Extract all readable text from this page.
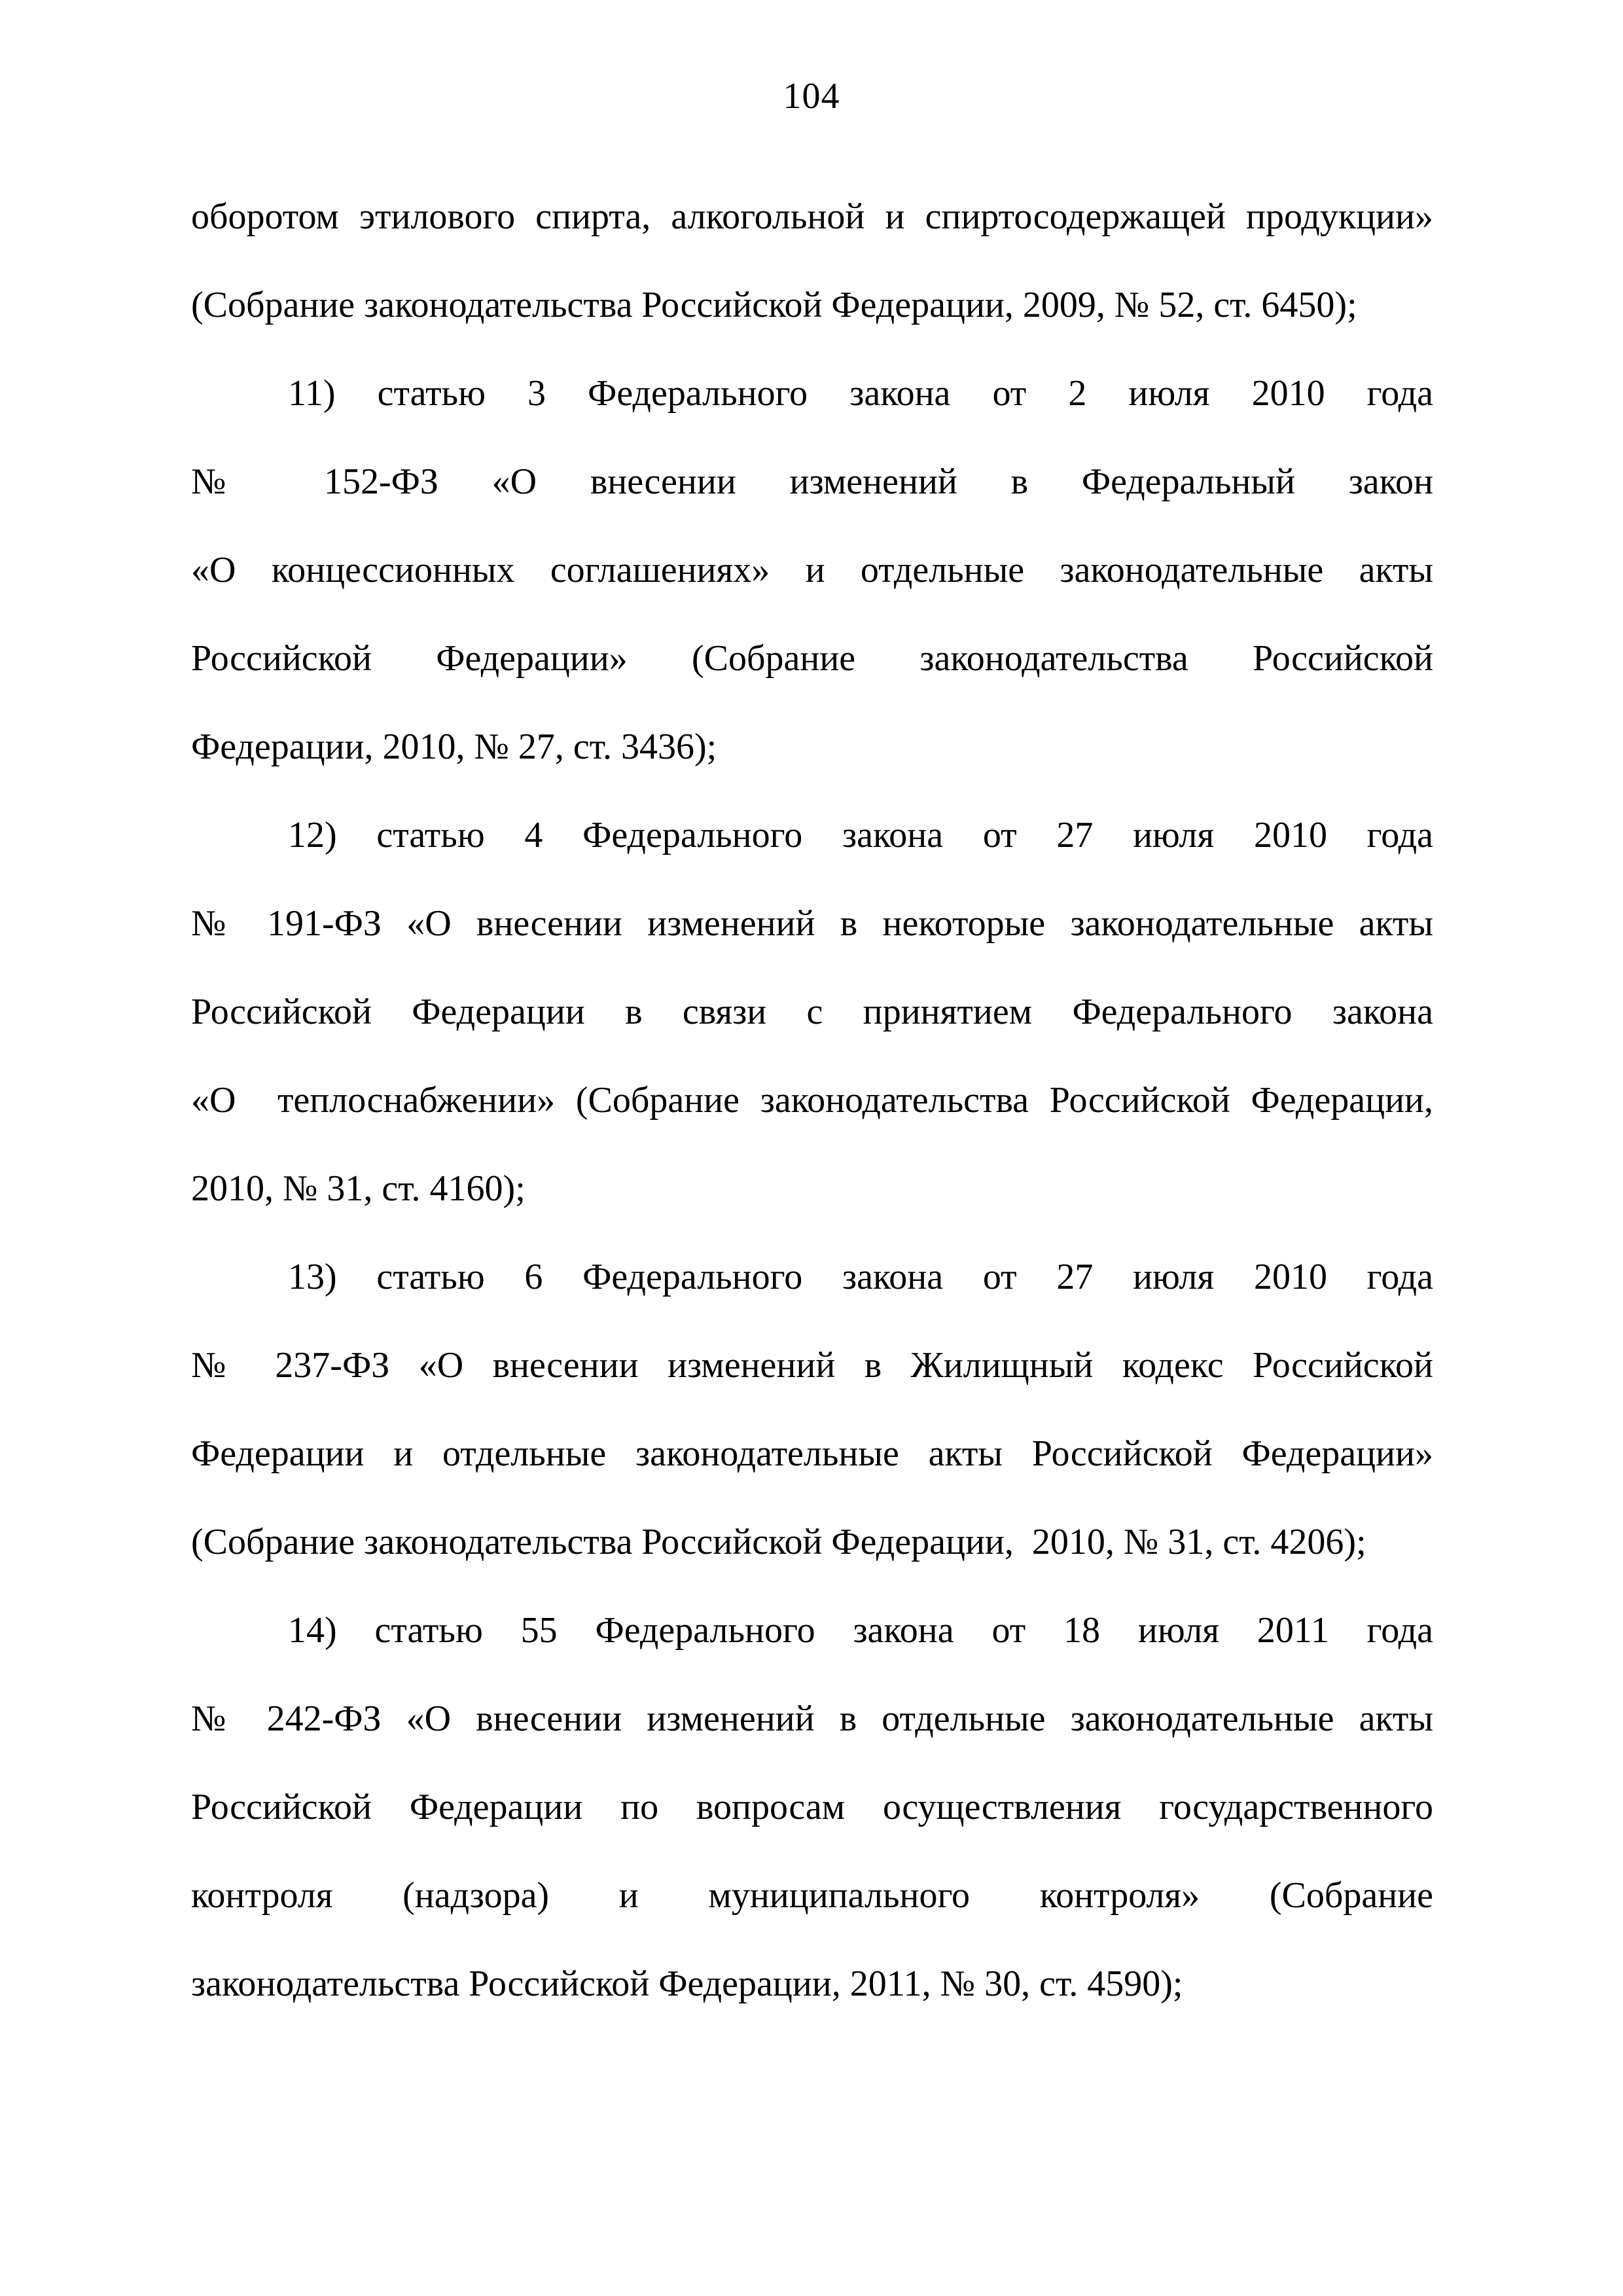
104
оборотом этилового спирта, алкогольной и спиртосодержащей продукции»
(Собрание законодательства Российской Федерации, 2009, № 52, ст. 6450);
11) статью 3 Федерального закона от 2 июля 2010 года
№ 152-ФЗ «О внесении изменений в Федеральный закон
«О концессионных соглашениях» и отдельные законодательные акты
Российской Федерации» (Собрание законодательства Российской
Федерации, 2010, № 27, ст. 3436);
12) статью 4 Федерального закона от 27 июля 2010 года
№ 191-ФЗ «О внесении изменений в некоторые законодательные акты
Российской Федерации в связи с принятием Федерального закона
«О  теплоснабжении» (Собрание законодательства Российской Федерации,
2010, № 31, ст. 4160);
13) статью 6 Федерального закона от 27 июля 2010 года
№ 237-ФЗ «О внесении изменений в Жилищный кодекс Российской
Федерации и отдельные законодательные акты Российской Федерации»
(Собрание законодательства Российской Федерации,  2010, № 31, ст. 4206);
14) статью 55 Федерального закона от 18 июля 2011 года
№ 242-ФЗ «О внесении изменений в отдельные законодательные акты
Российской Федерации по вопросам осуществления государственного
контроля (надзора) и муниципального контроля» (Собрание
законодательства Российской Федерации, 2011, № 30, ст. 4590);
